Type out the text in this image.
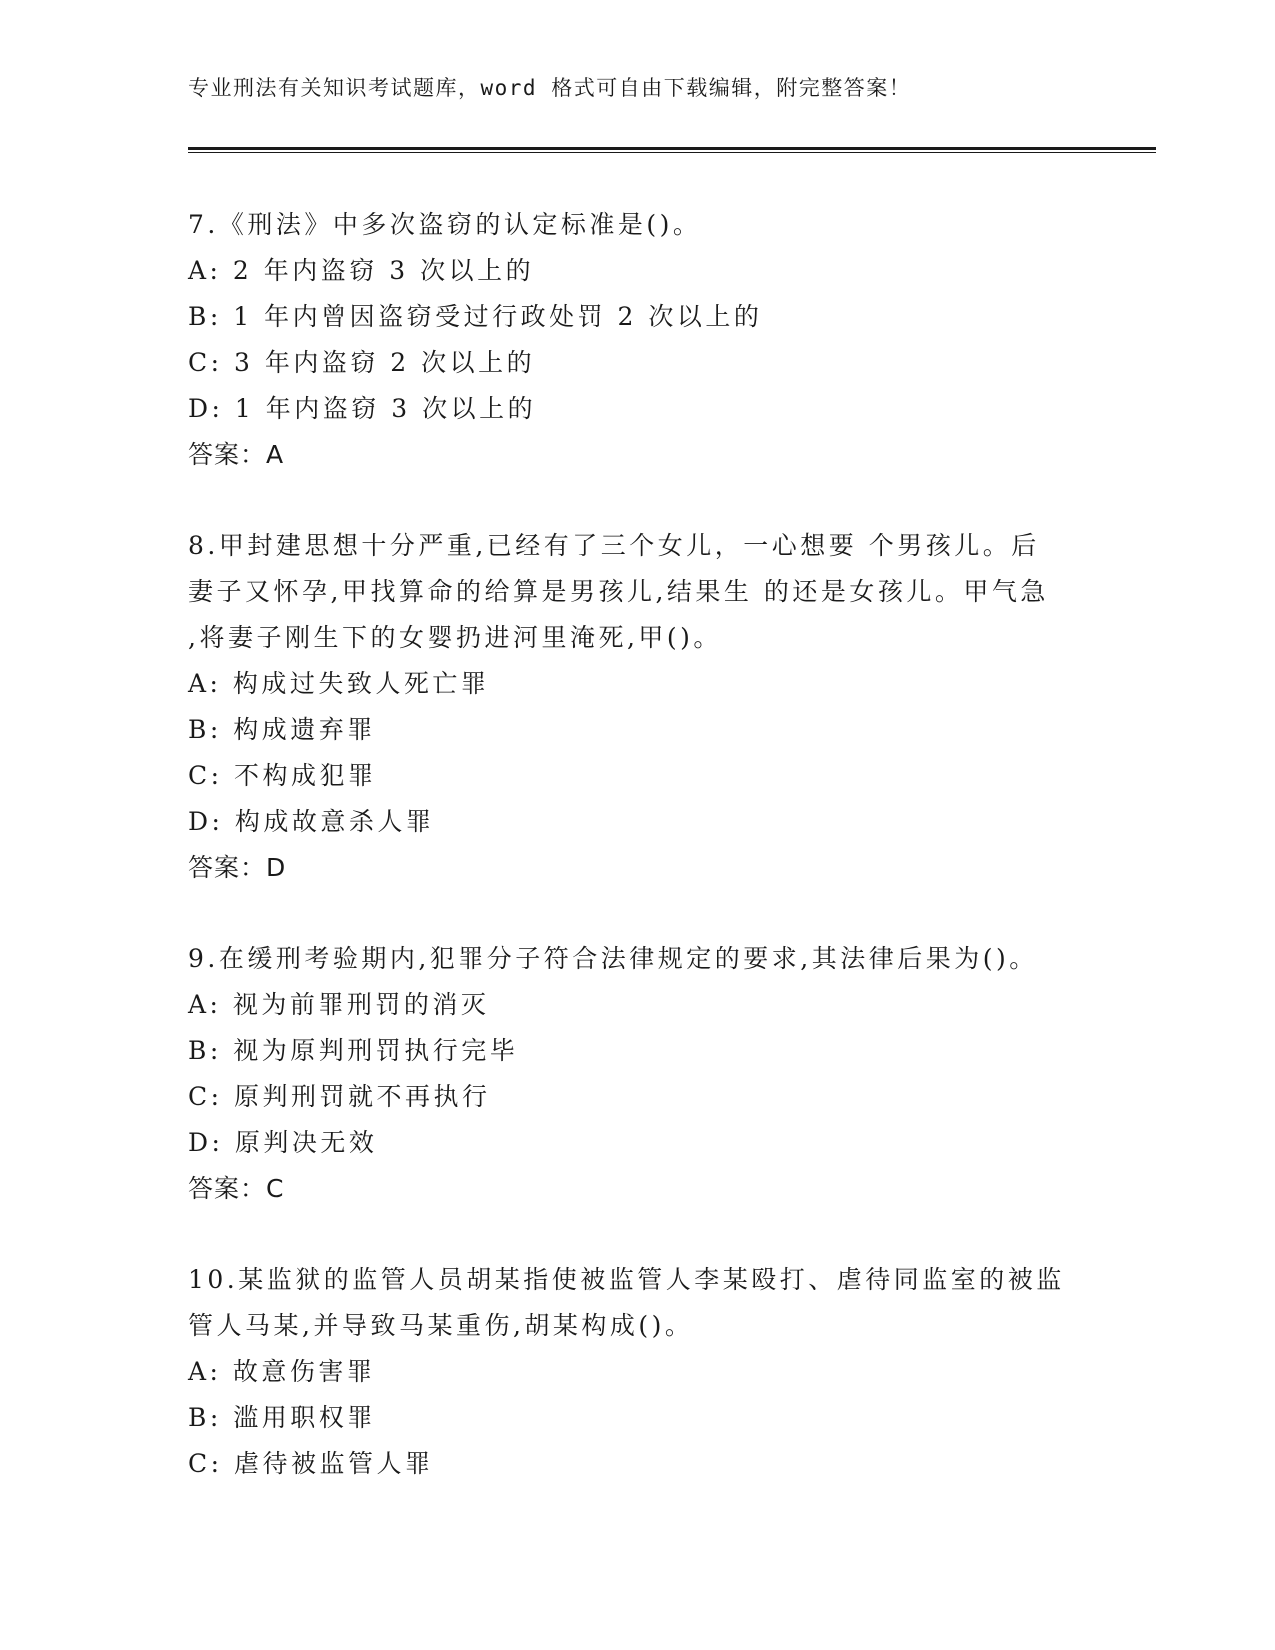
专业刑法有关知识考试题库，word 格式可自由下载编辑，附完整答案！
7.《刑法》中多次盗窃的认定标准是()。
A: 2 年内盗窃 3 次以上的
B: 1 年内曾因盗窃受过行政处罚 2 次以上的
C: 3 年内盗窃 2 次以上的
D: 1 年内盗窃 3 次以上的
答案：A
8.甲封建思想十分严重,已经有了三个女儿，一心想要 个男孩儿。后
妻子又怀孕,甲找算命的给算是男孩儿,结果生 的还是女孩儿。甲气急
,将妻子刚生下的女婴扔进河里淹死,甲()。
A: 构成过失致人死亡罪
B: 构成遗弃罪
C: 不构成犯罪
D: 构成故意杀人罪
答案：D
9.在缓刑考验期内,犯罪分子符合法律规定的要求,其法律后果为()。
A: 视为前罪刑罚的消灭
B: 视为原判刑罚执行完毕
C: 原判刑罚就不再执行
D: 原判决无效
答案：C
10.某监狱的监管人员胡某指使被监管人李某殴打、虐待同监室的被监
管人马某,并导致马某重伤,胡某构成()。
A: 故意伤害罪
B: 滥用职权罪
C: 虐待被监管人罪
